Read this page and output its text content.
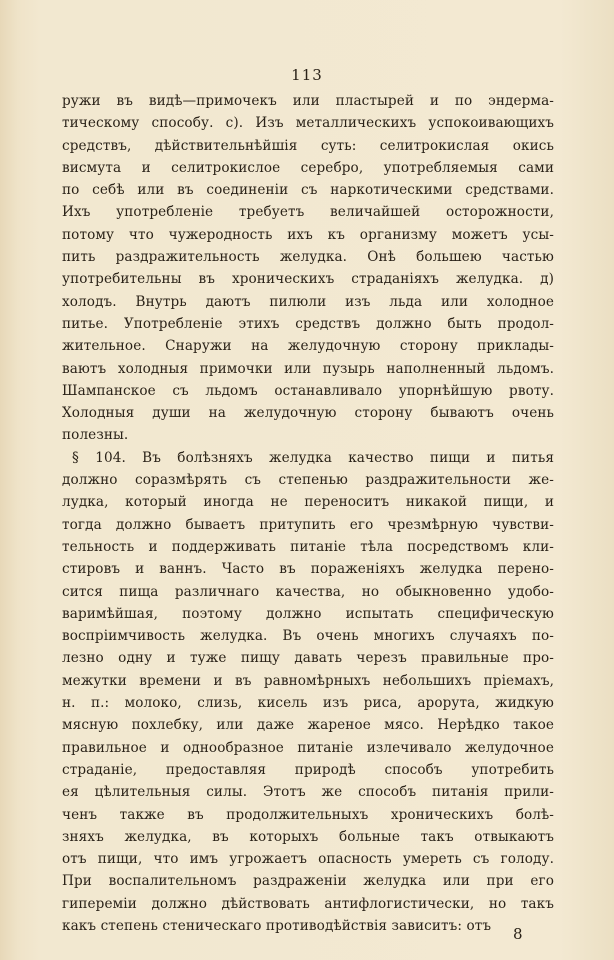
113
ружи въ видѣ—примочекъ или пластырей и по эндерма-
тическому способу. с). Изъ металлическихъ успокоивающихъ
средствъ, дѣйствительнѣйшія суть: селитрокислая окись
висмута и селитрокислое серебро, употребляемыя сами
по себѣ или въ соединеніи съ наркотическими средствами.
Ихъ употребленіе требуетъ величайшей осторожности,
потому что чужеродность ихъ къ организму можетъ усы-
пить раздражительность желудка. Онѣ большею частью
употребительны въ хроническихъ страданіяхъ желудка. д)
холодъ. Внутрь даютъ пилюли изъ льда или холодное
питье. Употребленіе этихъ средствъ должно быть продол-
жительное. Снаружи на желудочную сторону приклады-
ваютъ холодныя примочки или пузырь наполненный льдомъ.
Шампанское съ льдомъ останавливало упорнѣйшую рвоту.
Холодныя души на желудочную сторону бываютъ очень
полезны.
§ 104. Въ болѣзняхъ желудка качество пищи и питья
должно соразмѣрять съ степенью раздражительности же-
лудка, который иногда не переноситъ никакой пищи, и
тогда должно бываетъ притупить его чрезмѣрную чувстви-
тельность и поддерживать питаніе тѣла посредствомъ кли-
стировъ и ваннъ. Часто въ пораженіяхъ желудка перено-
сится пища различнаго качества, но обыкновенно удобо-
варимѣйшая, поэтому должно испытать специфическую
воспріимчивость желудка. Въ очень многихъ случаяхъ по-
лезно одну и туже пищу давать черезъ правильные про-
межутки времени и въ равномѣрныхъ небольшихъ пріемахъ,
н. п.: молоко, слизь, кисель изъ риса, арорута, жидкую
мясную похлебку, или даже жареное мясо. Нерѣдко такое
правильное и однообразное питаніе излечивало желудочное
страданіе, предоставляя природѣ способъ употребить
ея цѣлительныя силы. Этотъ же способъ питанія прили-
ченъ также въ продолжительныхъ хроническихъ болѣ-
зняхъ желудка, въ которыхъ больные такъ отвыкаютъ
отъ пищи, что имъ угрожаетъ опасность умереть съ голоду.
При воспалительномъ раздраженіи желудка или при его
гипереміи должно дѣйствовать антифлогистически, но такъ
какъ степень стеническаго противодѣйствія зависитъ: отъ	8
